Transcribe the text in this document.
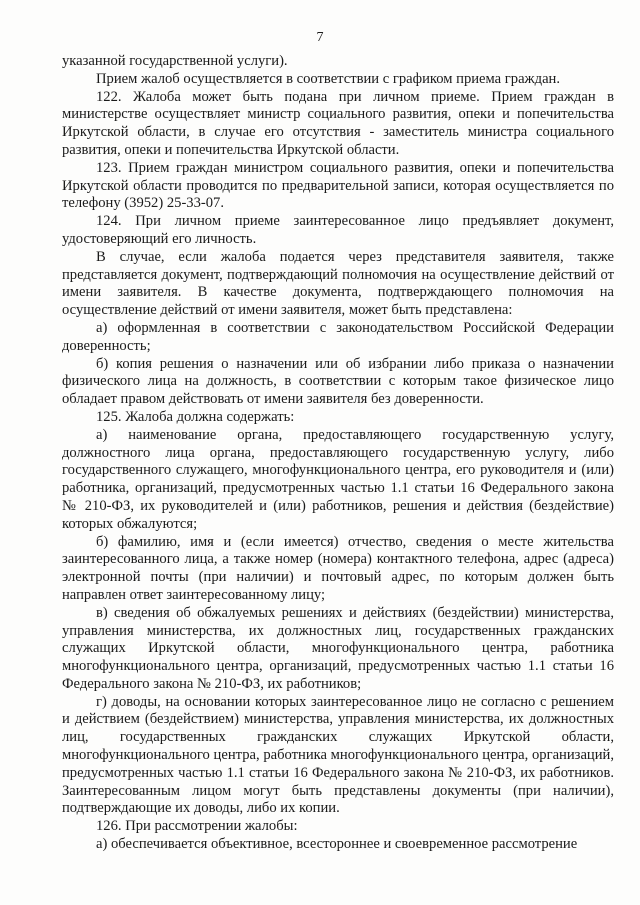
7

указанной государственной услуги).

Прием жалоб осуществляется в соответствии с графиком приема граждан.

122. Жалоба может быть подана при личном приеме. Прием граждан в министерстве осуществляет министр социального развития, опеки и попечительства Иркутской области, в случае его отсутствия - заместитель министра социального развития, опеки и попечительства Иркутской области.

123. Прием граждан министром социального развития, опеки и попечительства Иркутской области проводится по предварительной записи, которая осуществляется по телефону (3952) 25-33-07.

124. При личном приеме заинтересованное лицо предъявляет документ, удостоверяющий его личность.

В случае, если жалоба подается через представителя заявителя, также представляется документ, подтверждающий полномочия на осуществление действий от имени заявителя. В качестве документа, подтверждающего полномочия на осуществление действий от имени заявителя, может быть представлена:

а) оформленная в соответствии с законодательством Российской Федерации доверенность;

б) копия решения о назначении или об избрании либо приказа о назначении физического лица на должность, в соответствии с которым такое физическое лицо обладает правом действовать от имени заявителя без доверенности.

125. Жалоба должна содержать:

а) наименование органа, предоставляющего государственную услугу, должностного лица органа, предоставляющего государственную услугу, либо государственного служащего, многофункционального центра, его руководителя и (или) работника, организаций, предусмотренных частью 1.1 статьи 16 Федерального закона № 210-ФЗ, их руководителей и (или) работников, решения и действия (бездействие) которых обжалуются;

б) фамилию, имя и (если имеется) отчество, сведения о месте жительства заинтересованного лица, а также номер (номера) контактного телефона, адрес (адреса) электронной почты (при наличии) и почтовый адрес, по которым должен быть направлен ответ заинтересованному лицу;

в) сведения об обжалуемых решениях и действиях (бездействии) министерства, управления министерства, их должностных лиц, государственных гражданских служащих Иркутской области, многофункционального центра, работника многофункционального центра, организаций, предусмотренных частью 1.1 статьи 16 Федерального закона № 210-ФЗ, их работников;

г) доводы, на основании которых заинтересованное лицо не согласно с решением и действием (бездействием) министерства, управления министерства, их должностных лиц, государственных гражданских служащих Иркутской области, многофункционального центра, работника многофункционального центра, организаций, предусмотренных частью 1.1 статьи 16 Федерального закона № 210-ФЗ, их работников. Заинтересованным лицом могут быть представлены документы (при наличии), подтверждающие их доводы, либо их копии.

126. При рассмотрении жалобы:

а) обеспечивается объективное, всестороннее и своевременное рассмотрение
